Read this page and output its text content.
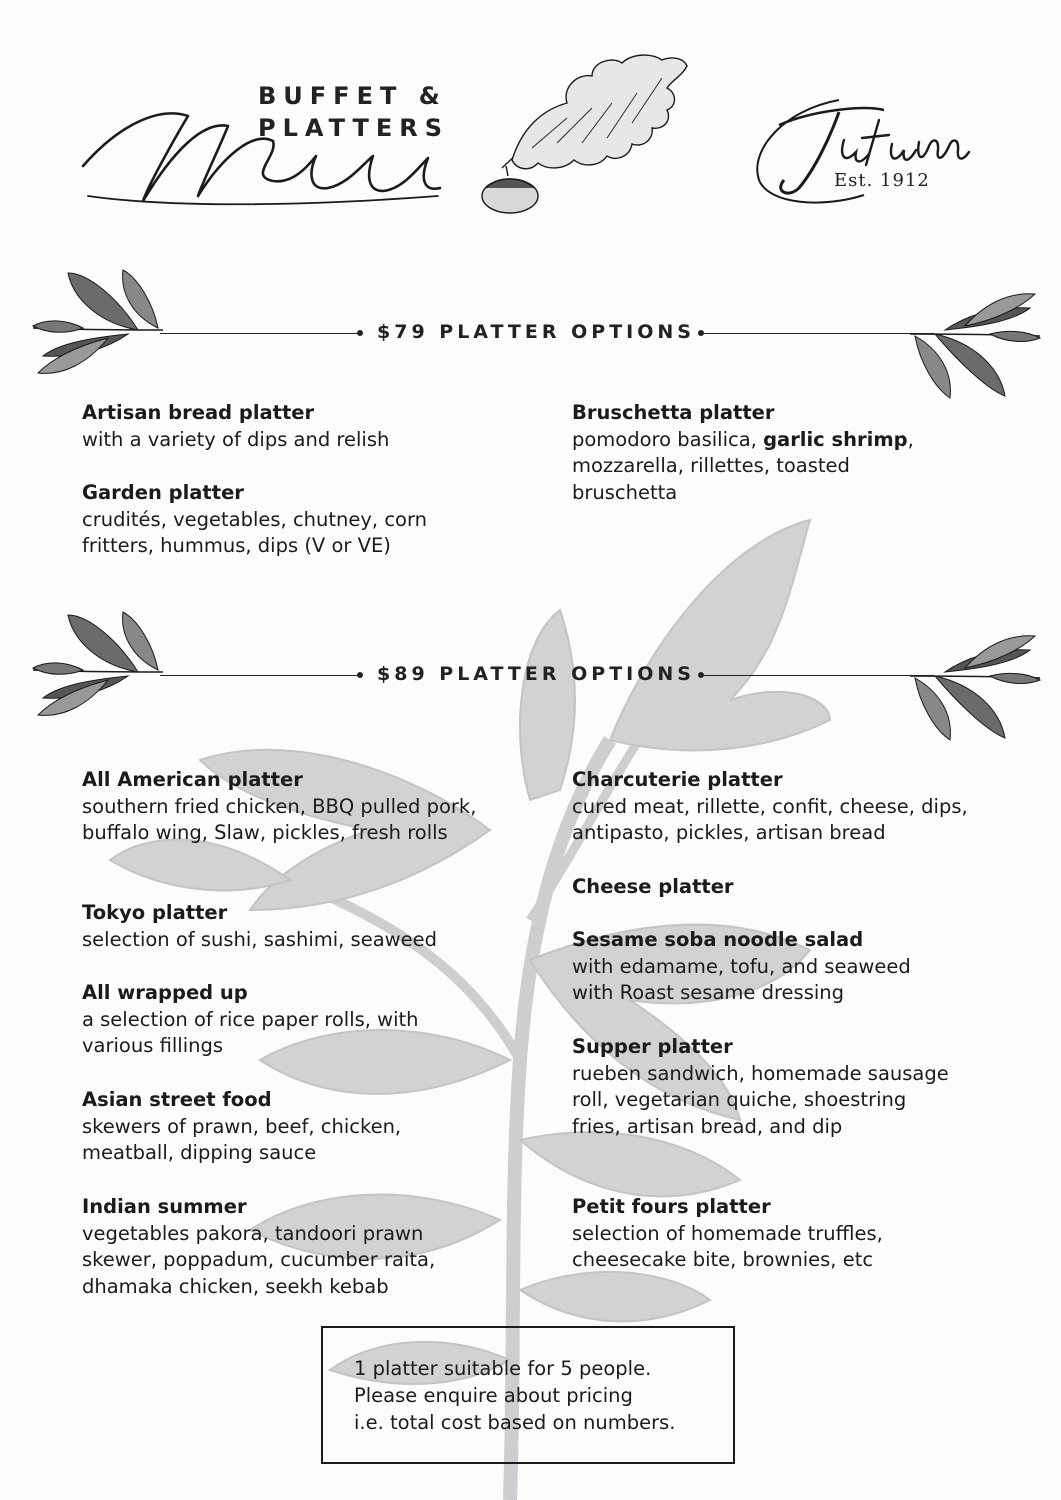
BUFFET &
PLATTERS
Est. 1912
$79 PLATTER OPTIONS
Artisan bread platter
with a variety of dips and relish
Garden platter
crudités, vegetables, chutney, corn fritters, hummus, dips (V or VE)
Bruschetta platter
pomodoro basilica, garlic shrimp, mozzarella, rillettes, toasted bruschetta
$89 PLATTER OPTIONS
All American platter
southern fried chicken, BBQ pulled pork, buffalo wing, Slaw, pickles, fresh rolls
Tokyo platter
selection of sushi, sashimi, seaweed
All wrapped up
a selection of rice paper rolls, with various fillings
Asian street food
skewers of prawn, beef, chicken, meatball, dipping sauce
Indian summer
vegetables pakora, tandoori prawn skewer, poppadum, cucumber raita, dhamaka chicken, seekh kebab
Charcuterie platter
cured meat, rillette, confit, cheese, dips, antipasto, pickles, artisan bread
Cheese platter
Sesame soba noodle salad
with edamame, tofu, and seaweed with Roast sesame dressing
Supper platter
rueben sandwich, homemade sausage roll, vegetarian quiche, shoestring fries, artisan bread, and dip
Petit fours platter
selection of homemade truffles, cheesecake bite, brownies, etc
1 platter suitable for 5 people.
Please enquire about pricing
i.e. total cost based on numbers.
